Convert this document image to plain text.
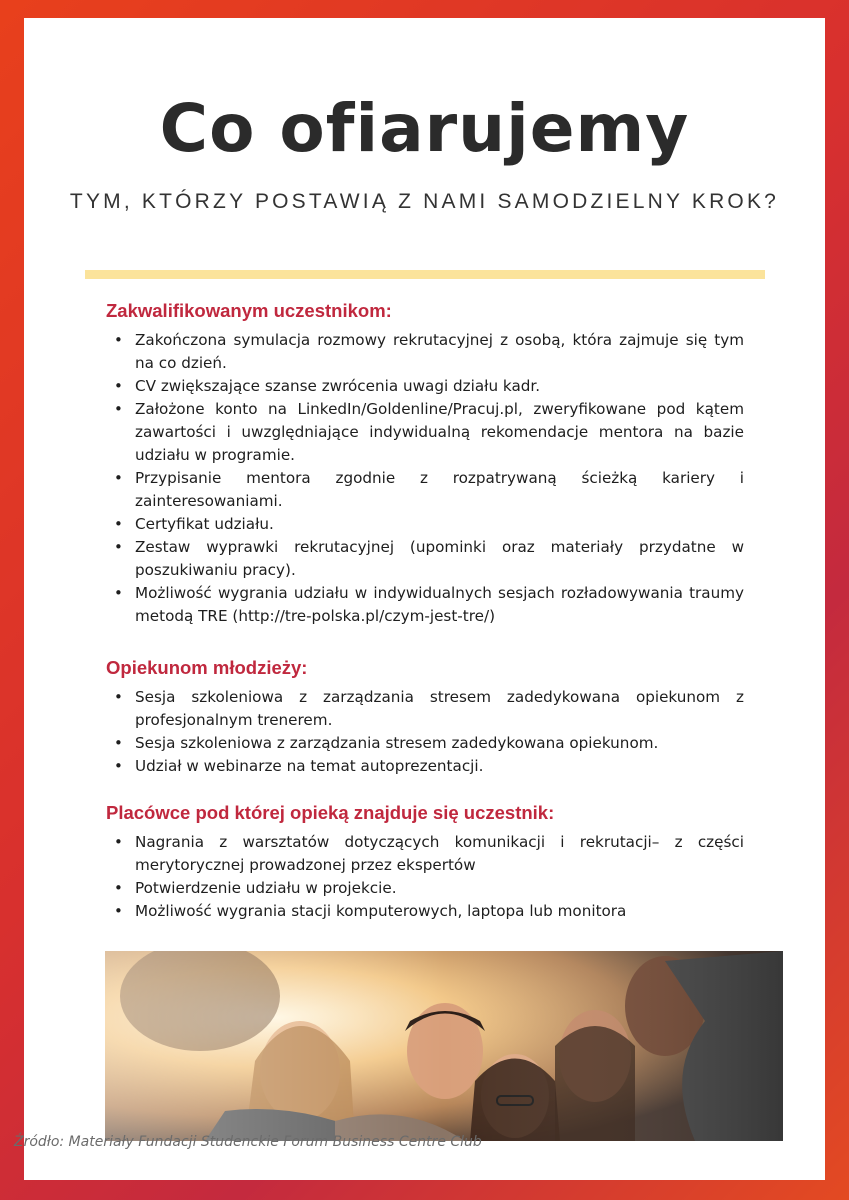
Co ofiarujemy

TYM, KTÓRZY POSTAWIĄ Z NAMI SAMODZIELNY KROK?

Zakwalifikowanym uczestnikom:
• Zakończona symulacja rozmowy rekrutacyjnej z osobą, która zajmuje się tym na co dzień.
• CV zwiększające szanse zwrócenia uwagi działu kadr.
• Założone konto na LinkedIn/Goldenline/Pracuj.pl, zweryfikowane pod kątem zawartości i uwzględniające indywidualną rekomendacje mentora na bazie udziału w programie.
• Przypisanie mentora zgodnie z rozpatrywaną ścieżką kariery i zainteresowaniami.
• Certyfikat udziału.
• Zestaw wyprawki rekrutacyjnej (upominki oraz materiały przydatne w poszukiwaniu pracy).
• Możliwość wygrania udziału w indywidualnych sesjach rozładowywania traumy metodą TRE (http://tre-polska.pl/czym-jest-tre/)
Opiekunom młodzieży:
• Sesja szkoleniowa z zarządzania stresem zadedykowana opiekunom z profesjonalnym trenerem.
• Sesja szkoleniowa z zarządzania stresem zadedykowana opiekunom.
• Udział w webinarze na temat autoprezentacji.
Placówce pod której opieką znajduje się uczestnik:
• Nagrania z warsztatów dotyczących komunikacji i rekrutacji– z części merytorycznej prowadzonej przez ekspertów
• Potwierdzenie udziału w projekcie.
• Możliwość wygrania stacji komputerowych, laptopa lub monitora

Źródło: Materiały Fundacji Studenckie Forum Business Centre Club
